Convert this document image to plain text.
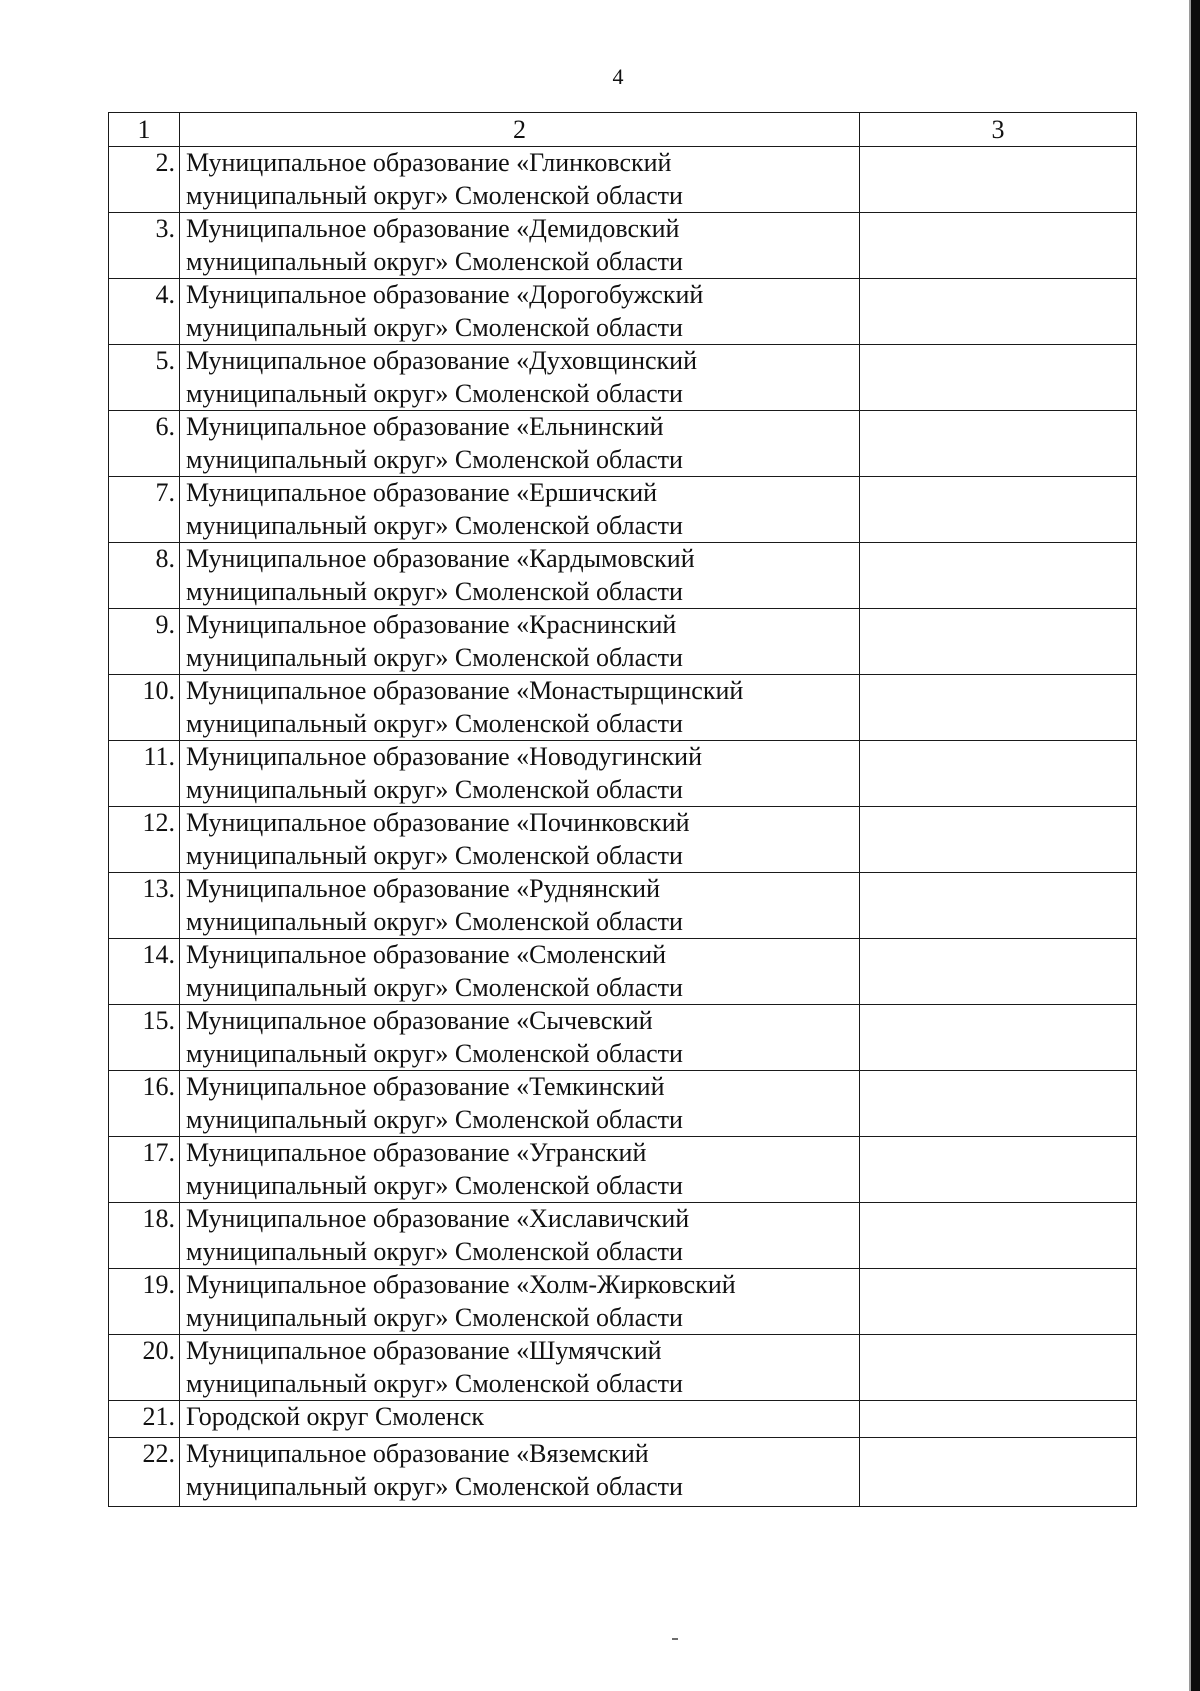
4
1	2	3
2.	Муниципальное образование «Глинковский
муниципальный округ» Смоленской области	
3.	Муниципальное образование «Демидовский
муниципальный округ» Смоленской области	
4.	Муниципальное образование «Дорогобужский
муниципальный округ» Смоленской области	
5.	Муниципальное образование «Духовщинский
муниципальный округ» Смоленской области	
6.	Муниципальное образование «Ельнинский
муниципальный округ» Смоленской области	
7.	Муниципальное образование «Ершичский
муниципальный округ» Смоленской области	
8.	Муниципальное образование «Кардымовский
муниципальный округ» Смоленской области	
9.	Муниципальное образование «Краснинский
муниципальный округ» Смоленской области	
10.	Муниципальное образование «Монастырщинский
муниципальный округ» Смоленской области	
11.	Муниципальное образование «Новодугинский
муниципальный округ» Смоленской области	
12.	Муниципальное образование «Починковский
муниципальный округ» Смоленской области	
13.	Муниципальное образование «Руднянский
муниципальный округ» Смоленской области	
14.	Муниципальное образование «Смоленский
муниципальный округ» Смоленской области	
15.	Муниципальное образование «Сычевский
муниципальный округ» Смоленской области	
16.	Муниципальное образование «Темкинский
муниципальный округ» Смоленской области	
17.	Муниципальное образование «Угранский
муниципальный округ» Смоленской области	
18.	Муниципальное образование «Хиславичский
муниципальный округ» Смоленской области	
19.	Муниципальное образование «Холм-Жирковский
муниципальный округ» Смоленской области	
20.	Муниципальное образование «Шумячский
муниципальный округ» Смоленской области	
21.	Городской округ Смоленск	
22.	Муниципальное образование «Вяземский
муниципальный округ» Смоленской области	
